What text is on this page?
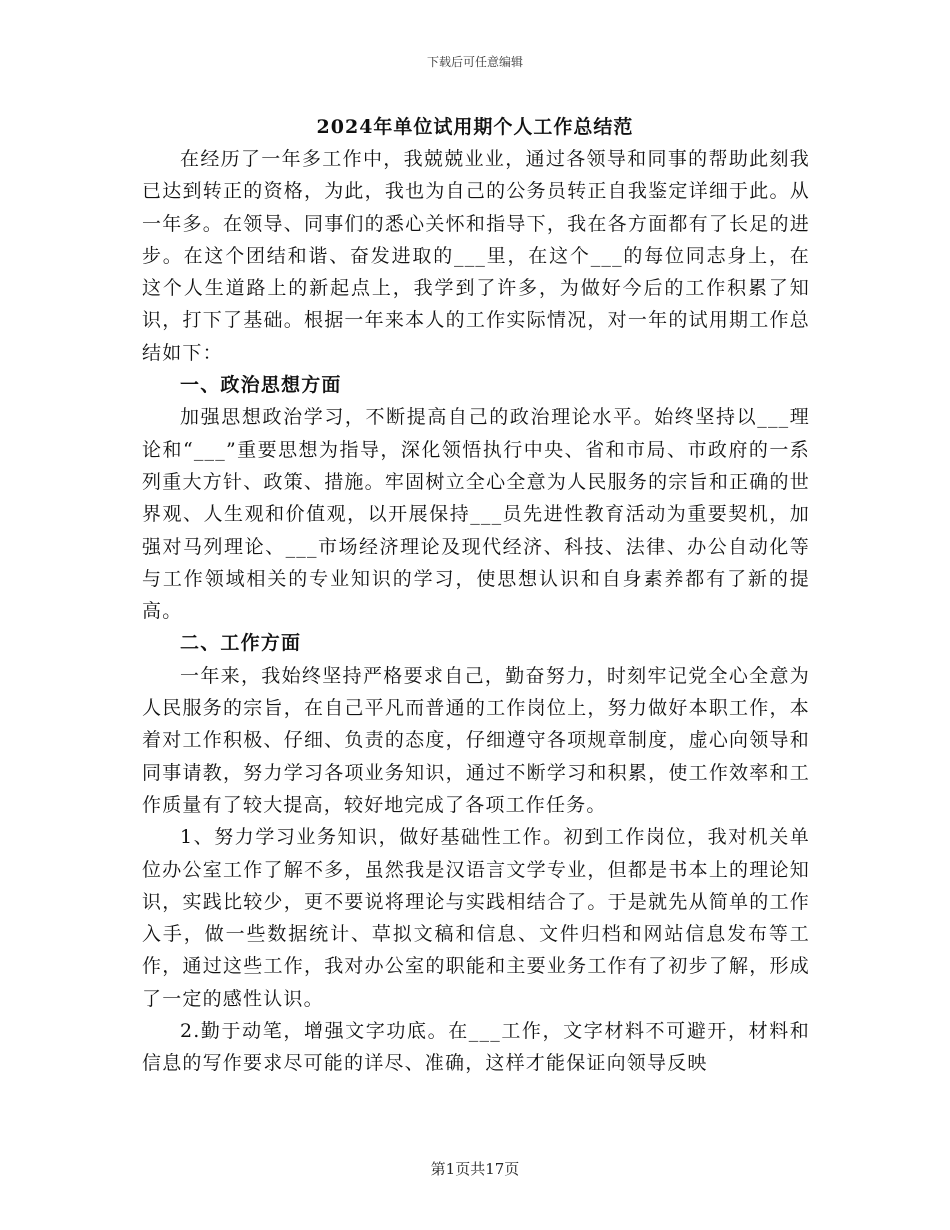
下载后可任意编辑
2024年单位试用期个人工作总结范

在经历了一年多工作中，我兢兢业业，通过各领导和同事的帮助此刻我已达到转正的资格，为此，我也为自己的公务员转正自我鉴定详细于此。从一年多。在领导、同事们的悉心关怀和指导下，我在各方面都有了长足的进步。在这个团结和谐、奋发进取的___里，在这个___的每位同志身上，在这个人生道路上的新起点上，我学到了许多，为做好今后的工作积累了知识，打下了基础。根据一年来本人的工作实际情况，对一年的试用期工作总结如下：

一、政治思想方面

加强思想政治学习，不断提高自己的政治理论水平。始终坚持以___理论和“___”重要思想为指导，深化领悟执行中央、省和市局、市政府的一系列重大方针、政策、措施。牢固树立全心全意为人民服务的宗旨和正确的世界观、人生观和价值观，以开展保持___员先进性教育活动为重要契机，加强对马列理论、___市场经济理论及现代经济、科技、法律、办公自动化等与工作领域相关的专业知识的学习，使思想认识和自身素养都有了新的提高。

二、工作方面

一年来，我始终坚持严格要求自己，勤奋努力，时刻牢记党全心全意为人民服务的宗旨，在自己平凡而普通的工作岗位上，努力做好本职工作，本着对工作积极、仔细、负责的态度，仔细遵守各项规章制度，虚心向领导和同事请教，努力学习各项业务知识，通过不断学习和积累，使工作效率和工作质量有了较大提高，较好地完成了各项工作任务。

1、努力学习业务知识，做好基础性工作。初到工作岗位，我对机关单位办公室工作了解不多，虽然我是汉语言文学专业，但都是书本上的理论知识，实践比较少，更不要说将理论与实践相结合了。于是就先从简单的工作入手，做一些数据统计、草拟文稿和信息、文件归档和网站信息发布等工作，通过这些工作，我对办公室的职能和主要业务工作有了初步了解，形成了一定的感性认识。

2.勤于动笔，增强文字功底。在___工作，文字材料不可避开，材料和信息的写作要求尽可能的详尽、准确，这样才能保证向领导反映

第1页共17页
